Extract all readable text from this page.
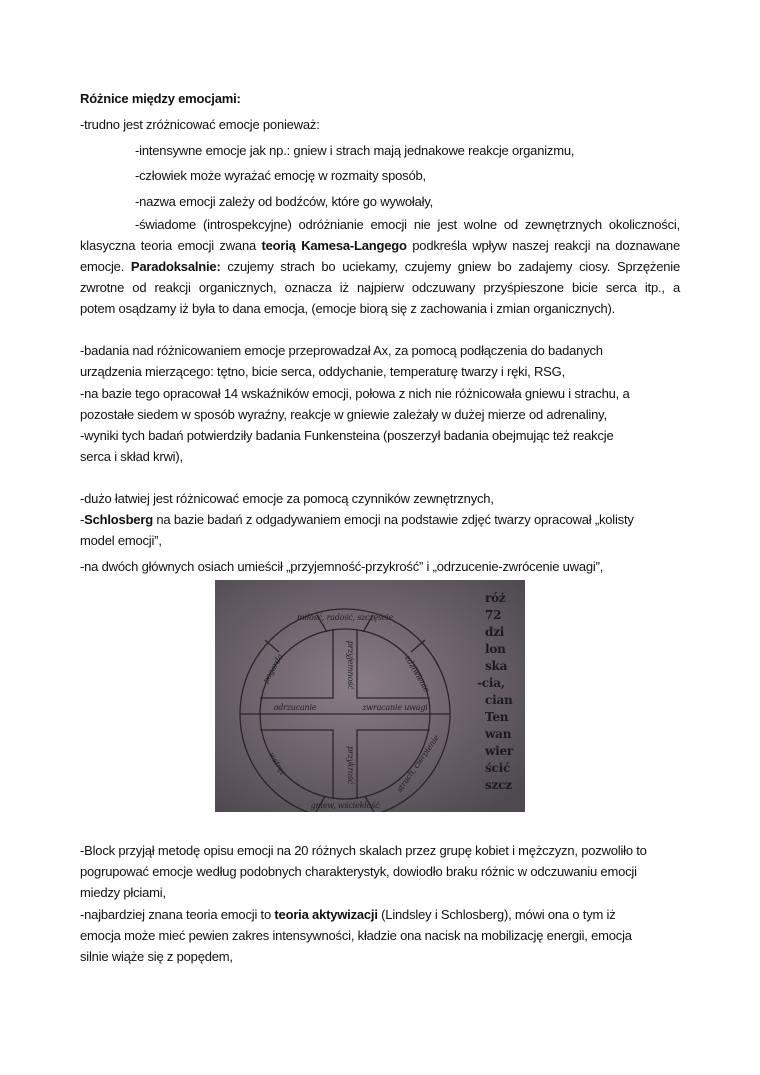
Różnice między emocjami:
-trudno jest zróżnicować emocje ponieważ:
-intensywne emocje jak np.: gniew i strach mają jednakowe reakcje organizmu,
-człowiek może wyrażać emocję w rozmaity sposób,
-nazwa emocji zależy od bodźców, które go wywołały,
-świadome (introspekcyjne) odróżnianie emocji nie jest wolne od zewnętrznych okoliczności,
klasyczna teoria emocji zwana teorią Kamesa-Langego podkreśla wpływ naszej reakcji na doznawane
emocje. Paradoksalnie: czujemy strach bo uciekamy, czujemy gniew bo zadajemy ciosy. Sprzężenie
zwrotne od reakcji organicznych, oznacza iż najpierw odczuwany przyśpieszone bicie serca itp., a
potem osądzamy iż była to dana emocja, (emocje biorą się z zachowania i zmian organicznych).
-badania nad różnicowaniem emocje przeprowadzał Ax, za pomocą podłączenia do badanych
urządzenia mierzącego: tętno, bicie serca, oddychanie, temperaturę twarzy i ręki, RSG,
-na bazie tego opracował 14 wskaźników emocji, połowa z nich nie różnicowała gniewu i strachu, a
pozostałe siedem w sposób wyraźny, reakcje w gniewie zależały w dużej mierze od adrenaliny,
-wyniki tych badań potwierdziły badania Funkensteina (poszerzył badania obejmując też reakcje
serca i skład krwi),
-dużo łatwiej jest różnicować emocje za pomocą czynników zewnętrznych,
-Schlosberg na bazie badań z odgadywaniem emocji na podstawie zdjęć twarzy opracował „kolisty
model emocji”,
-na dwóch głównych osiach umieścił „przyjemność-przykrość” i „odrzucenie-zwrócenie uwagi”,
-Block przyjął metodę opisu emocji na 20 różnych skalach przez grupę kobiet i mężczyzn, pozwoliło to
pogrupować emocje według podobnych charakterystyk, dowiodło braku różnic w odczuwaniu emocji
miedzy płciami,
-najbardziej znana teoria emocji to teoria aktywizacji (Lindsley i Schlosberg), mówi ona o tym iż
emocja może mieć pewien zakres intensywności, kładzie ona nacisk na mobilizację energii, emocja
silnie wiąże się z popędem,
miłość, radość, szczęście
zdziwienie
pogarda
wstręt
gniew, wściekłość
strach, cierpienie
odrzucanie	zwracanie uwagi
przyjemność
przykrość
róż
72
dzi
lon
ska
-cia,
cian
Ten
wan
wier
ścić
szcz
